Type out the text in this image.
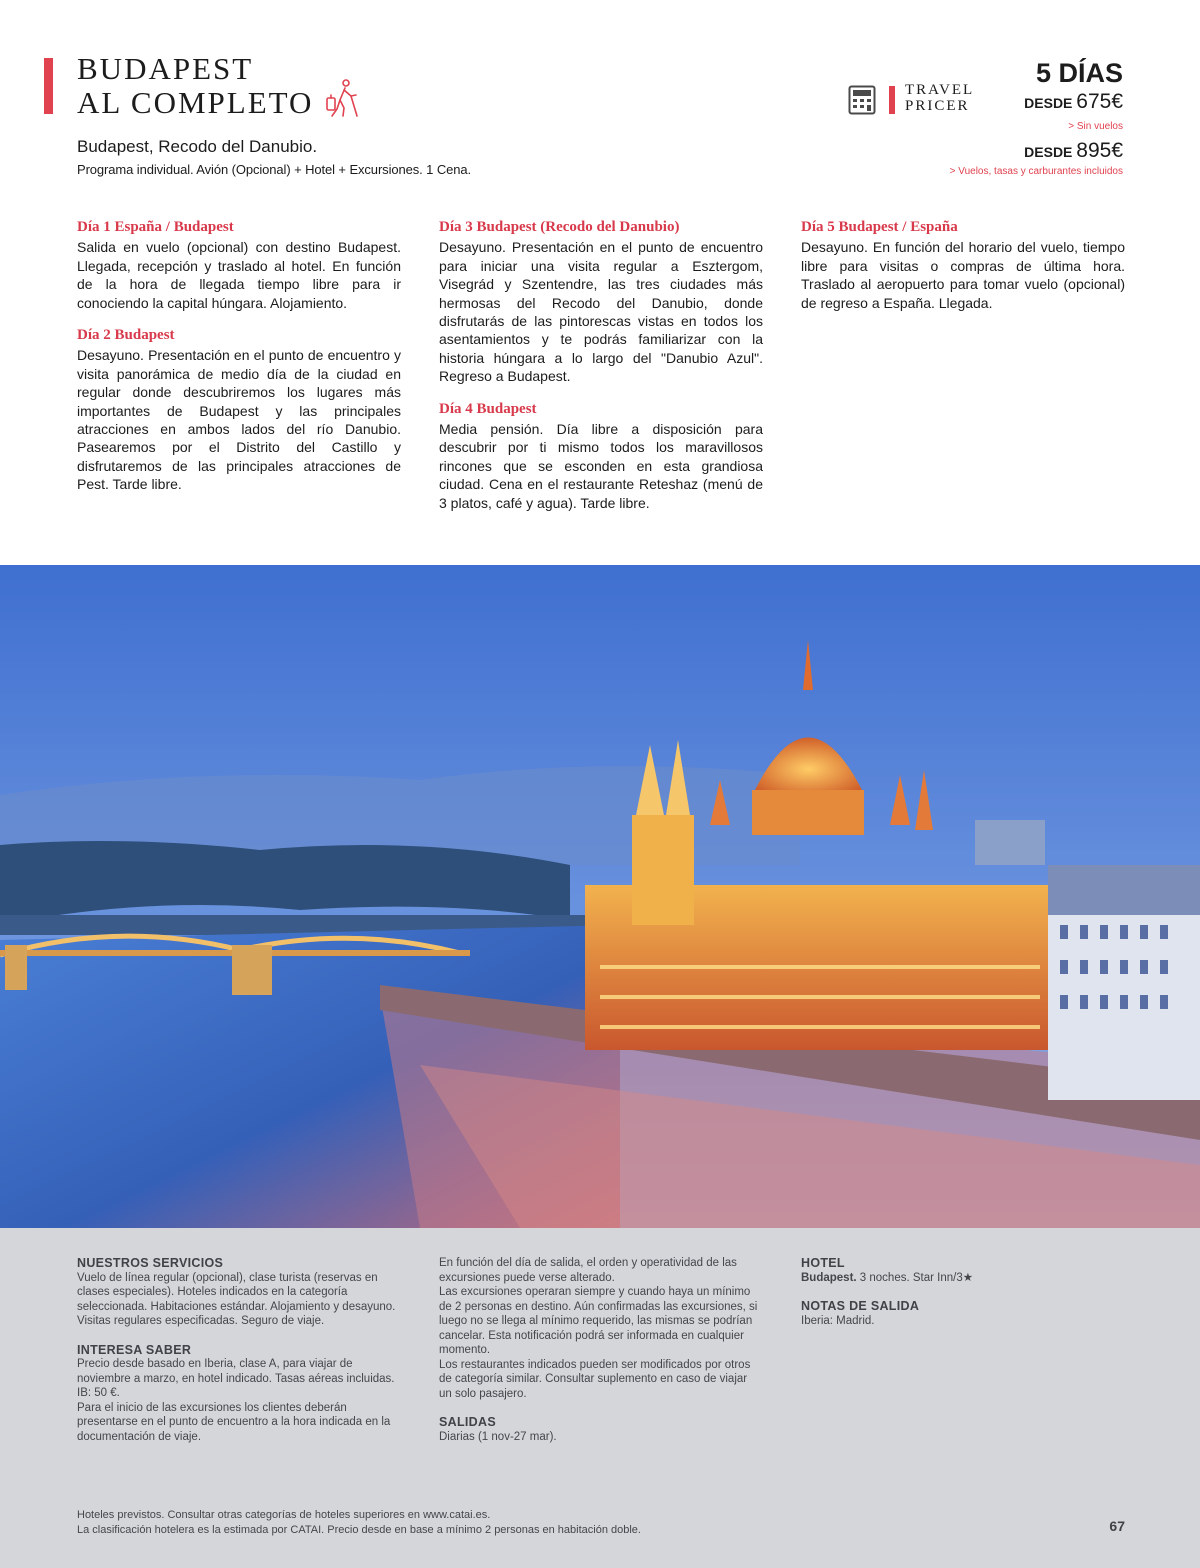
BUDAPEST
AL COMPLETO
Budapest, Recodo del Danubio.
Programa individual. Avión (Opcional) + Hotel + Excursiones. 1 Cena.
TRAVEL
PRICER
5 DÍAS
DESDE 675€
> Sin vuelos
DESDE 895€
> Vuelos, tasas y carburantes incluidos
Día 1 España / Budapest
Salida en vuelo (opcional) con destino Budapest. Llegada, recepción y traslado al hotel. En función de la hora de llegada tiempo libre para ir conociendo la capital húngara. Alojamiento.
Día 2 Budapest
Desayuno. Presentación en el punto de encuentro y visita panorámica de medio día de la ciudad en regular donde descubriremos los lugares más importantes de Budapest y las principales atracciones en ambos lados del río Danubio. Pasearemos por el Distrito del Castillo y disfrutaremos de las principales atracciones de Pest. Tarde libre.
Día 3 Budapest (Recodo del Danubio)
Desayuno. Presentación en el punto de encuentro para iniciar una visita regular a Esztergom, Visegrád y Szentendre, las tres ciudades más hermosas del Recodo del Danubio, donde disfrutarás de las pintorescas vistas en todos los asentamientos y te podrás familiarizar con la historia húngara a lo largo del "Danubio Azul". Regreso a Budapest.
Día 4 Budapest
Media pensión. Día libre a disposición para descubrir por ti mismo todos los maravillosos rincones que se esconden en esta grandiosa ciudad. Cena en el restaurante Reteshaz (menú de 3 platos, café y agua). Tarde libre.
Día 5 Budapest / España
Desayuno. En función del horario del vuelo, tiempo libre para visitas o compras de última hora. Traslado al aeropuerto para tomar vuelo (opcional) de regreso a España. Llegada.
NUESTROS SERVICIOS
Vuelo de línea regular (opcional), clase turista (reservas en clases especiales). Hoteles indicados en la categoría seleccionada. Habitaciones estándar. Alojamiento y desayuno. Visitas regulares especificadas. Seguro de viaje.
INTERESA SABER
Precio desde basado en Iberia, clase A, para viajar de noviembre a marzo, en hotel indicado. Tasas aéreas incluidas. IB: 50 €.
Para el inicio de las excursiones los clientes deberán presentarse en el punto de encuentro a la hora indicada en la documentación de viaje.
En función del día de salida, el orden y operatividad de las excursiones puede verse alterado.
Las excursiones operaran siempre y cuando haya un mínimo de 2 personas en destino. Aún confirmadas las excursiones, si luego no se llega al mínimo requerido, las mismas se podrían cancelar. Esta notificación podrá ser informada en cualquier momento.
Los restaurantes indicados pueden ser modificados por otros de categoría similar. Consultar suplemento en caso de viajar un solo pasajero.
SALIDAS
Diarias (1 nov-27 mar).
HOTEL
Budapest. 3 noches. Star Inn/3★
NOTAS DE SALIDA
Iberia: Madrid.
Hoteles previstos. Consultar otras categorías de hoteles superiores en www.catai.es.
La clasificación hotelera es la estimada por CATAI. Precio desde en base a mínimo 2 personas en habitación doble.	67
